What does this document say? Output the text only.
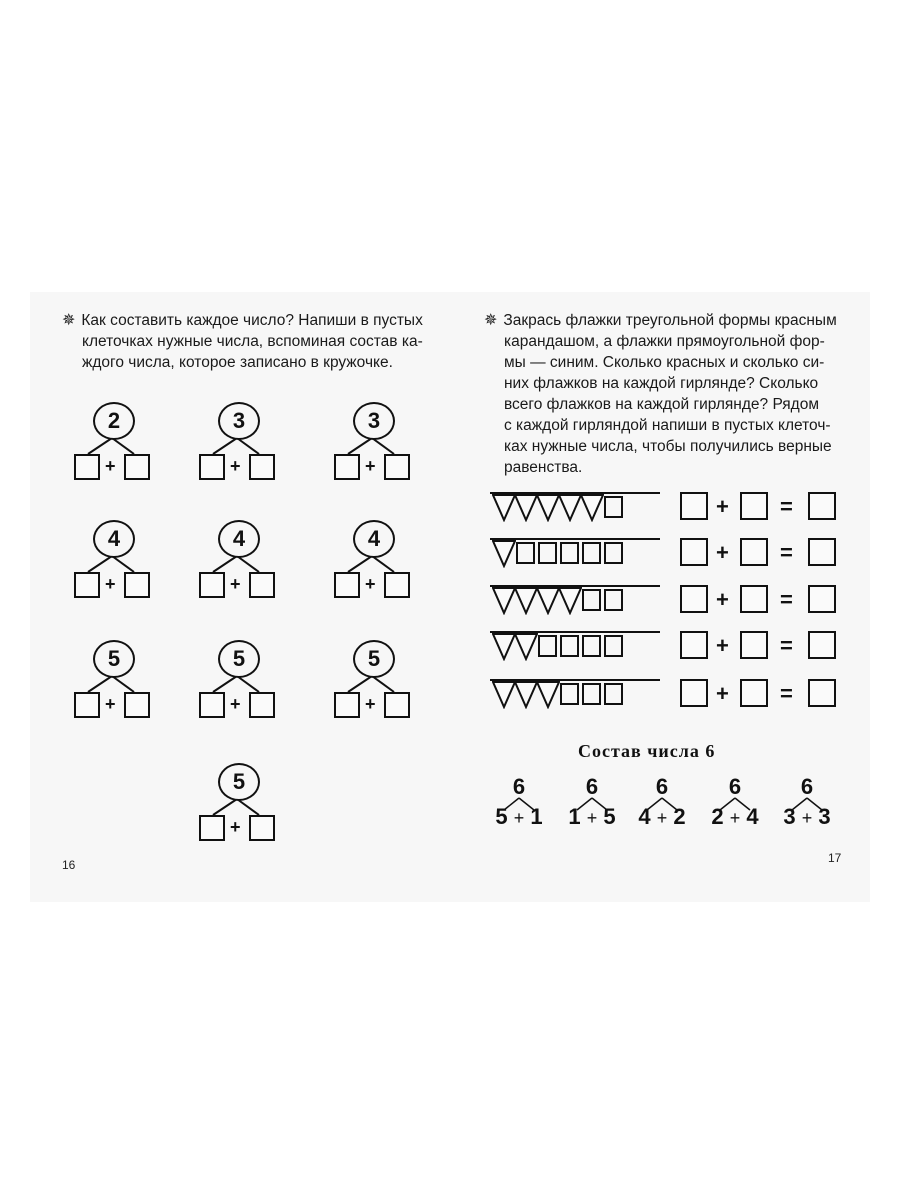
✵ Как составить каждое число? Напиши в пустых
клеточках нужные числа, вспоминая состав ка-
ждого числа, которое записано в кружочке.
2
+
3
+
3
+
4
+
4
+
4
+
5
+
5
+
5
+
5
+
16
✵ Закрась флажки треугольной формы красным
карандашом, а флажки прямоугольной фор-
мы — синим. Сколько красных и сколько си-
них флажков на каждой гирлянде? Сколько
всего флажков на каждой гирлянде? Рядом
с каждой гирляндой напиши в пустых клеточ-
ках нужные числа, чтобы получились верные
равенства.
+ =
+ =
+ =
+ =
+ =
Состав числа 6
6
5 + 1
6
1 + 5
6
4 + 2
6
2 + 4
6
3 + 3
17
